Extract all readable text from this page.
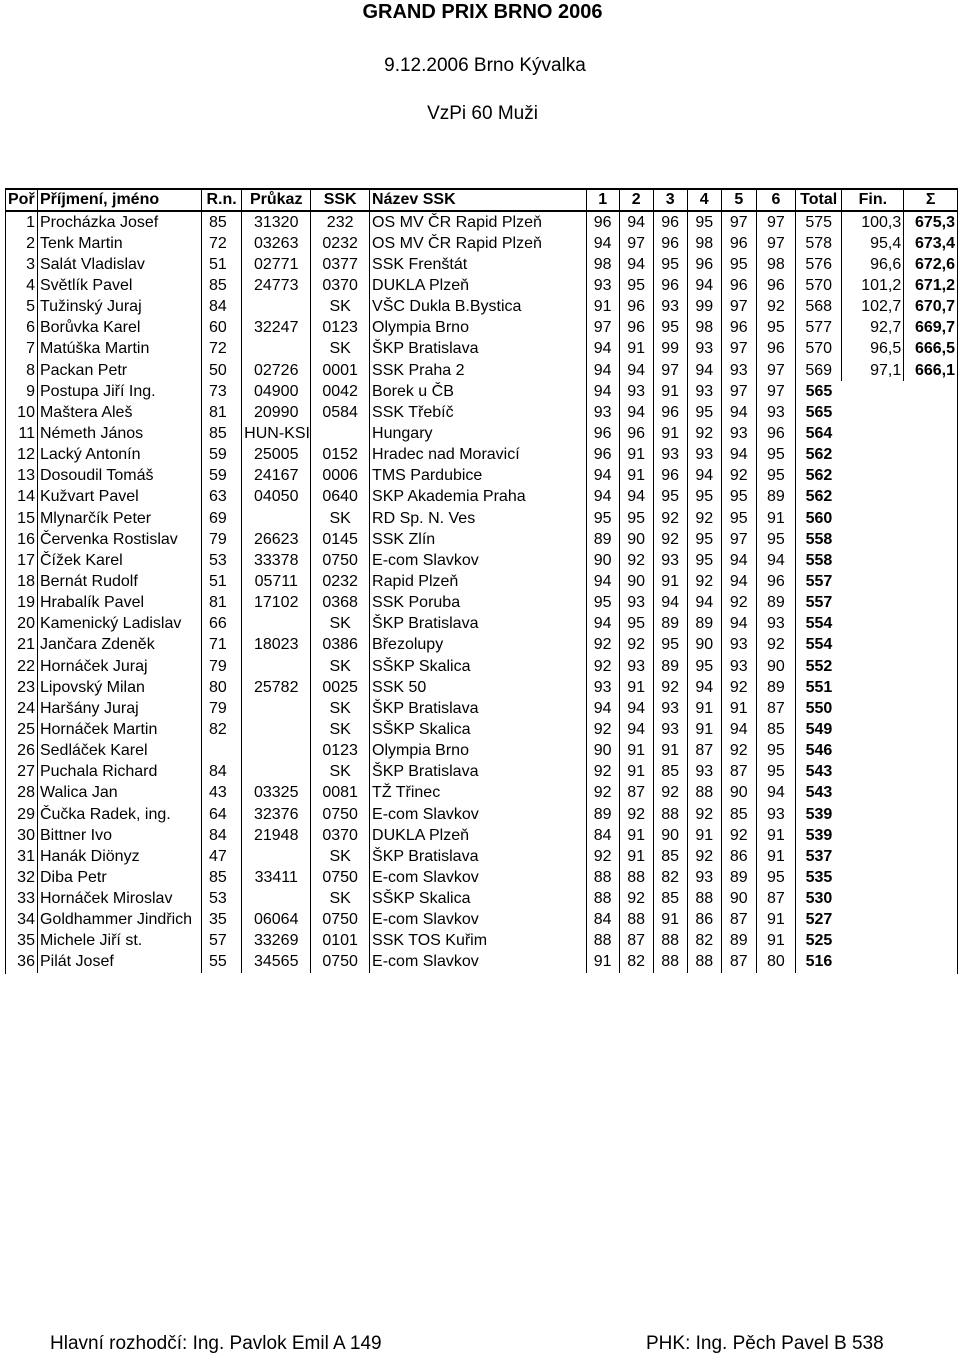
GRAND PRIX BRNO 2006
9.12.2006 Brno Kývalka
VzPi 60 Muži
Poř	Příjmení, jméno	R.n.	Průkaz	SSK	Název SSK	1	2	3	4	5	6	Total	Fin.	Σ
1	Procházka Josef	85	31320	232	OS MV ČR Rapid Plzeň	96	94	96	95	97	97	575	100,3	675,3
2	Tenk Martin	72	03263	0232	OS MV ČR Rapid Plzeň	94	97	96	98	96	97	578	95,4	673,4
3	Salát Vladislav	51	02771	0377	SSK Frenštát	98	94	95	96	95	98	576	96,6	672,6
4	Světlík Pavel	85	24773	0370	DUKLA Plzeň	93	95	96	94	96	96	570	101,2	671,2
5	Tužinský Juraj	84		SK	VŠC Dukla B.Bystica	91	96	93	99	97	92	568	102,7	670,7
6	Borůvka Karel	60	32247	0123	Olympia Brno	97	96	95	98	96	95	577	92,7	669,7
7	Matúška Martin	72		SK	ŠKP Bratislava	94	91	99	93	97	96	570	96,5	666,5
8	Packan Petr	50	02726	0001	SSK Praha 2	94	94	97	94	93	97	569	97,1	666,1
9	Postupa Jiří Ing.	73	04900	0042	Borek u ČB	94	93	91	93	97	97	565		
10	Maštera Aleš	81	20990	0584	SSK Třebíč	93	94	96	95	94	93	565		
11	Németh János	85	HUN-KSI		Hungary	96	96	91	92	93	96	564		
12	Lacký Antonín	59	25005	0152	Hradec nad Moravicí	96	91	93	93	94	95	562		
13	Dosoudil Tomáš	59	24167	0006	TMS Pardubice	94	91	96	94	92	95	562		
14	Kužvart Pavel	63	04050	0640	SKP Akademia Praha	94	94	95	95	95	89	562		
15	Mlynarčík Peter	69		SK	RD Sp. N. Ves	95	95	92	92	95	91	560		
16	Červenka Rostislav	79	26623	0145	SSK Zlín	89	90	92	95	97	95	558		
17	Čížek Karel	53	33378	0750	E-com Slavkov	90	92	93	95	94	94	558		
18	Bernát Rudolf	51	05711	0232	Rapid Plzeň	94	90	91	92	94	96	557		
19	Hrabalík Pavel	81	17102	0368	SSK Poruba	95	93	94	94	92	89	557		
20	Kamenický Ladislav	66		SK	ŠKP Bratislava	94	95	89	89	94	93	554		
21	Jančara Zdeněk	71	18023	0386	Březolupy	92	92	95	90	93	92	554		
22	Hornáček Juraj	79		SK	SŠKP Skalica	92	93	89	95	93	90	552		
23	Lipovský Milan	80	25782	0025	SSK 50	93	91	92	94	92	89	551		
24	Haršány Juraj	79		SK	ŠKP Bratislava	94	94	93	91	91	87	550		
25	Hornáček Martin	82		SK	SŠKP Skalica	92	94	93	91	94	85	549		
26	Sedláček Karel			0123	Olympia Brno	90	91	91	87	92	95	546		
27	Puchala Richard	84		SK	ŠKP Bratislava	92	91	85	93	87	95	543		
28	Walica Jan	43	03325	0081	TŽ Třinec	92	87	92	88	90	94	543		
29	Čučka Radek, ing.	64	32376	0750	E-com Slavkov	89	92	88	92	85	93	539		
30	Bittner Ivo	84	21948	0370	DUKLA Plzeň	84	91	90	91	92	91	539		
31	Hanák Diönyz	47		SK	ŠKP Bratislava	92	91	85	92	86	91	537		
32	Diba Petr	85	33411	0750	E-com Slavkov	88	88	82	93	89	95	535		
33	Hornáček Miroslav	53		SK	SŠKP Skalica	88	92	85	88	90	87	530		
34	Goldhammer Jindřich	35	06064	0750	E-com Slavkov	84	88	91	86	87	91	527		
35	Michele Jiří st.	57	33269	0101	SSK TOS Kuřim	88	87	88	82	89	91	525		
36	Pilát Josef	55	34565	0750	E-com Slavkov	91	82	88	88	87	80	516		
Hlavní rozhodčí: Ing. Pavlok Emil A 149	PHK: Ing. Pěch Pavel B 538
